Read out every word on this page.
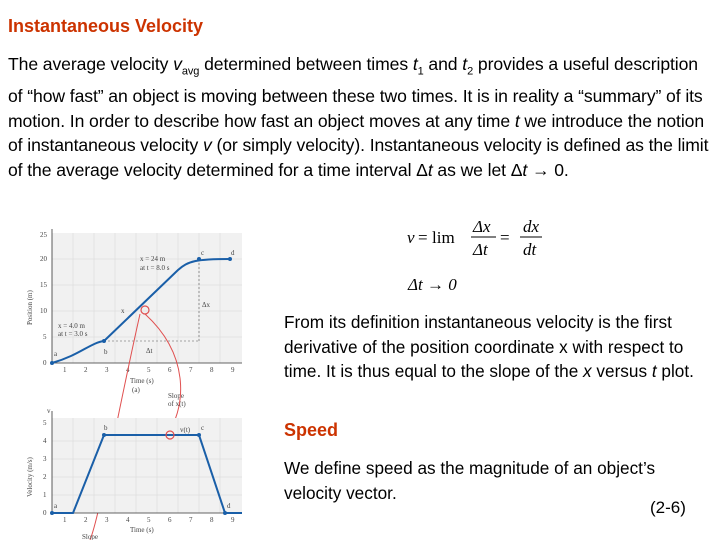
Instantaneous Velocity
The average velocity $v_{avg}$ determined between times $t_1$ and $t_2$ provides a useful description of “how fast” an object is moving between these two times. It is in reality a “summary” of its motion. In order to describe how fast an object moves at any time t we introduce the notion of instantaneous velocity v (or simply velocity). Instantaneous velocity is defined as the limit of the average velocity determined for a time interval Δt as we let Δt → 0.
v = lim
Δx
Δt
=
dx
dt
Δt → 0
a	b
c	d
x = 24 m
at t = 8.0 s
x = 4.0 m
at t = 3.0 s
Δx
Δt
x
0
5
10
15
20
25
1	2	3	4	5	6	7	8	9
Time (s)
(a)
Position (m)
Slope
of x(t)
a
b	c
d
v(t)
v
0
1
2
3
4
5
1	2	3	4	5	6	7	8	9
Time (s)
Slope
Velocity (m/s)
From its definition instantaneous velocity is the first derivative of the position coordinate x with respect to time. It is thus equal to the slope of the x versus t plot.
Speed
We define speed as the magnitude of an object’s velocity vector.
(2-6)
